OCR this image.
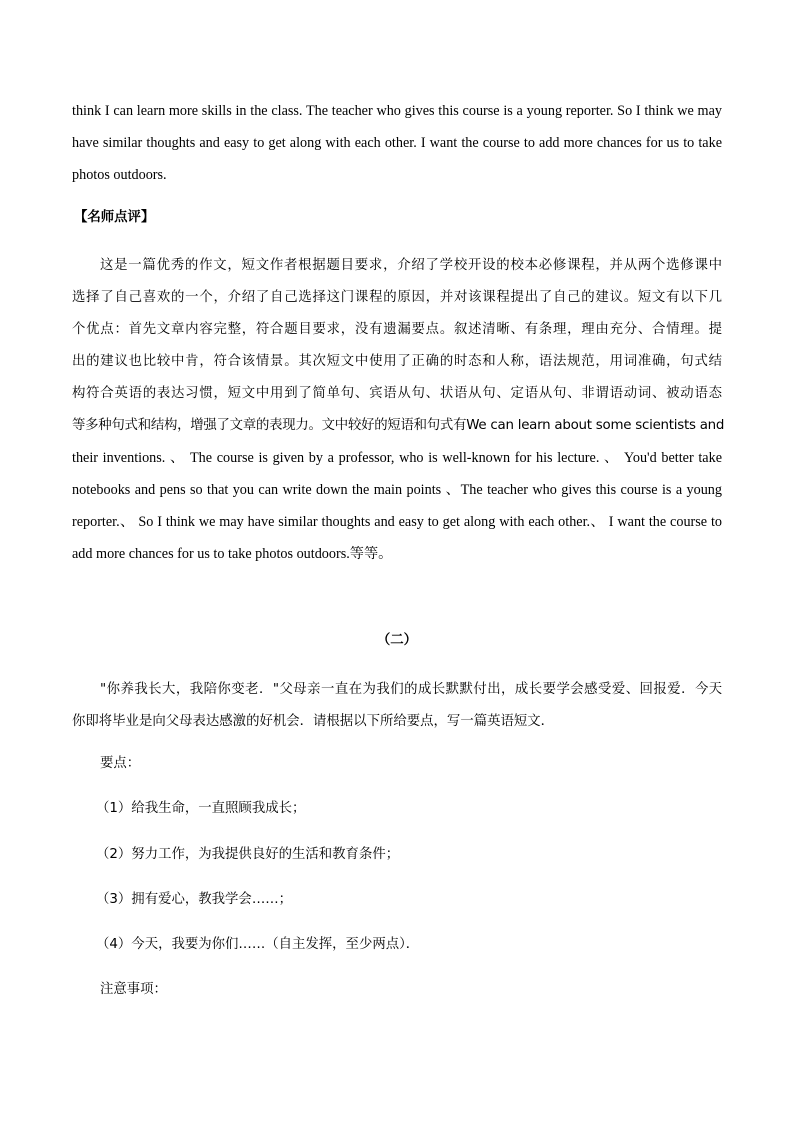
think I can learn more skills in the class. The teacher who gives this course is a young reporter. So I think we may
have similar thoughts and easy to get along with each other. I want the course to add more chances for us to take
photos outdoors.
【名师点评】
这是一篇优秀的作文，短文作者根据题目要求，介绍了学校开设的校本必修课程，并从两个选修课中
选择了自己喜欢的一个，介绍了自己选择这门课程的原因，并对该课程提出了自己的建议。短文有以下几
个优点：首先文章内容完整，符合题目要求，没有遗漏要点。叙述清晰、有条理，理由充分、合情理。提
出的建议也比较中肯，符合该情景。其次短文中使用了正确的时态和人称，语法规范，用词准确，句式结
构符合英语的表达习惯，短文中用到了简单句、宾语从句、状语从句、定语从句、非谓语动词、被动语态
等多种句式和结构，增强了文章的表现力。文中较好的短语和句式有We can learn about some scientists and
their inventions. 、 The course is given by a professor, who is well-known for his lecture. 、 You'd better take
notebooks and pens so that you can write down the main points 、The teacher who gives this course is a young
reporter.、 So I think we may have similar thoughts and easy to get along with each other.、 I want the course to
add more chances for us to take photos outdoors.等等。
（二）
"你养我长大，我陪你变老．"父母亲一直在为我们的成长默默付出，成长要学会感受爱、回报爱．今天
你即将毕业是向父母表达感激的好机会．请根据以下所给要点，写一篇英语短文．
要点：
（1）给我生命，一直照顾我成长；
（2）努力工作，为我提供良好的生活和教育条件；
（3）拥有爱心，教我学会……；
（4）今天，我要为你们……（自主发挥，至少两点）．
注意事项：
